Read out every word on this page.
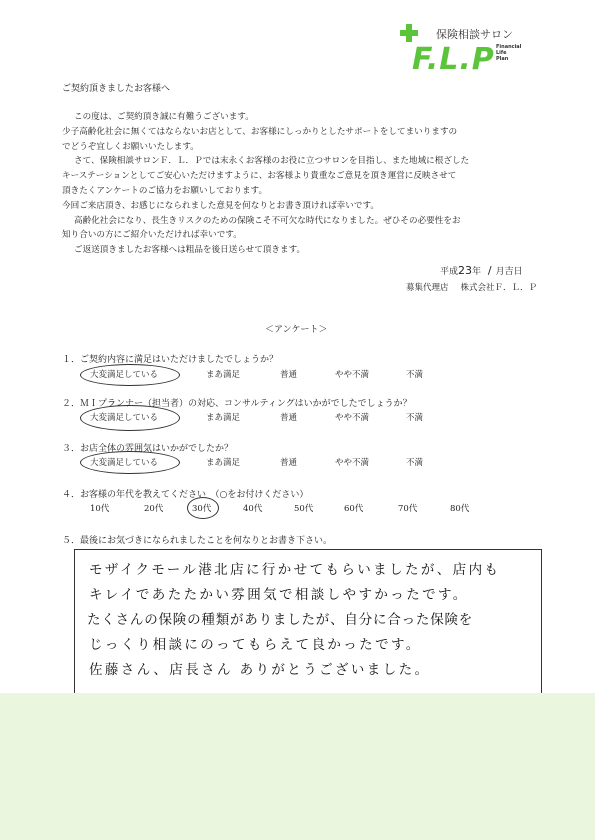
保険相談サロン
F.L.P Financial
Life
Plan
ご契約頂きましたお客様へ

この度は、ご契約頂き誠に有難うございます。

少子高齢化社会に無くてはならないお店として、お客様にしっかりとしたサポートをしてまいりますの

でどうぞ宜しくお願いいたします。

さて、保険相談サロンＦ．Ｌ．Ｐでは末永くお客様のお役に立つサロンを目指し、また地域に根ざした

キーステーションとしてご安心いただけますように、お客様より貴重なご意見を頂き運営に反映させて

頂きたくアンケートのご協力をお願いしております。

今回ご来店頂き、お感じになられました意見を何なりとお書き頂ければ幸いです。

高齢化社会になり、長生きリスクのための保険こそ不可欠な時代になりました。ぜひその必要性をお

知り合いの方にご紹介いただければ幸いです。

ご返送頂きましたお客様へは粗品を後日送らせて頂きます。

平成23年 / 月吉日
募集代理店 株式会社Ｆ．Ｌ．Ｐ
＜アンケート＞
１．ご契約内容に満足はいただけましたでしょうか？
大変満足している	まあ満足	普通	やや不満	不満
２．ＭＩプランナー（担当者）の対応、コンサルティングはいかがでしたでしょうか？
大変満足している	まあ満足	普通	やや不満	不満
３．お店全体の雰囲気はいかがでしたか？
大変満足している	まあ満足	普通	やや不満	不満
４．お客様の年代を教えてください　（○をお付けください）
10代	20代	30代	40代	50代	60代	70代	80代
５．最後にお気づきになられましたことを何なりとお書き下さい。
モザイクモール港北店に行かせてもらいましたが、店内も
キレイであたたかい雰囲気で相談しやすかったです。
たくさんの保険の種類がありましたが、自分に合った保険を
じっくり相談にのってもらえて良かったです。
佐藤さん、店長さん ありがとうございました。
